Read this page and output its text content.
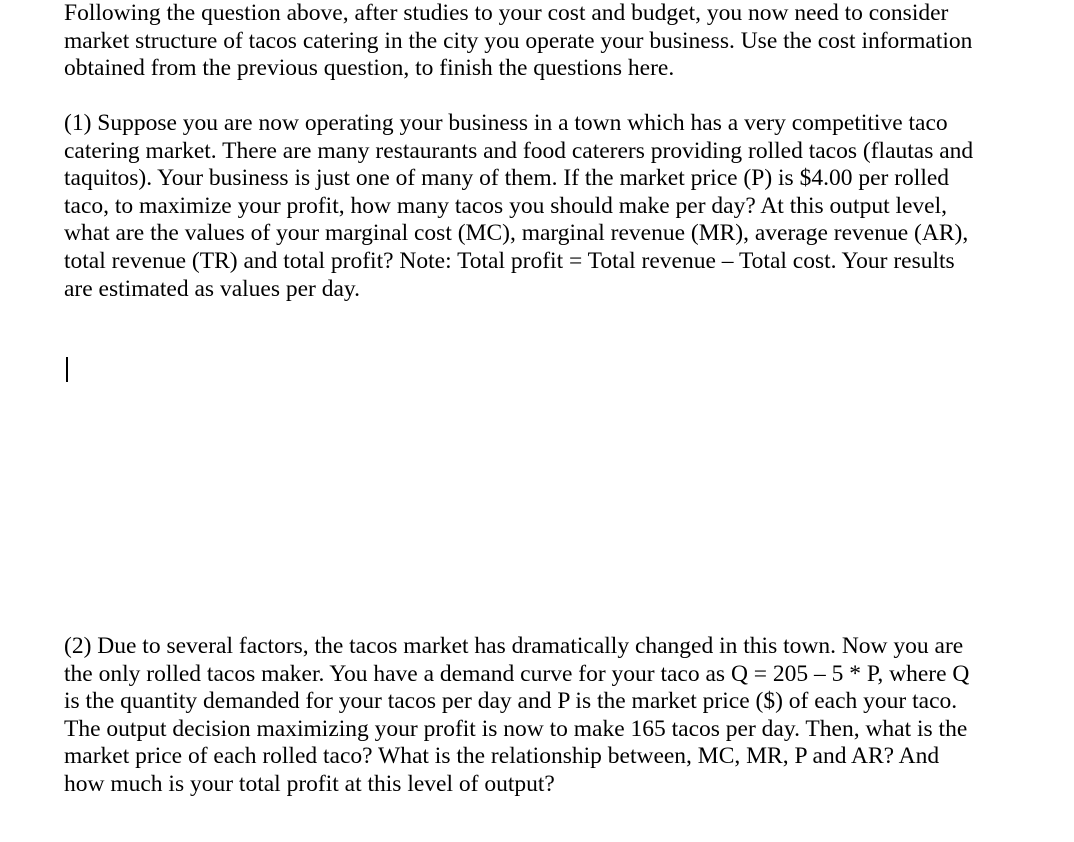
Following the question above, after studies to your cost and budget, you now need to consider
market structure of tacos catering in the city you operate your business. Use the cost information
obtained from the previous question, to finish the questions here.

(1) Suppose you are now operating your business in a town which has a very competitive taco
catering market. There are many restaurants and food caterers providing rolled tacos (flautas and
taquitos). Your business is just one of many of them. If the market price (P) is $4.00 per rolled
taco, to maximize your profit, how many tacos you should make per day? At this output level,
what are the values of your marginal cost (MC), marginal revenue (MR), average revenue (AR),
total revenue (TR) and total profit? Note: Total profit = Total revenue – Total cost. Your results
are estimated as values per day.

(2) Due to several factors, the tacos market has dramatically changed in this town. Now you are
the only rolled tacos maker. You have a demand curve for your taco as Q = 205 – 5 * P, where Q
is the quantity demanded for your tacos per day and P is the market price ($) of each your taco.
The output decision maximizing your profit is now to make 165 tacos per day. Then, what is the
market price of each rolled taco? What is the relationship between, MC, MR, P and AR? And
how much is your total profit at this level of output?
